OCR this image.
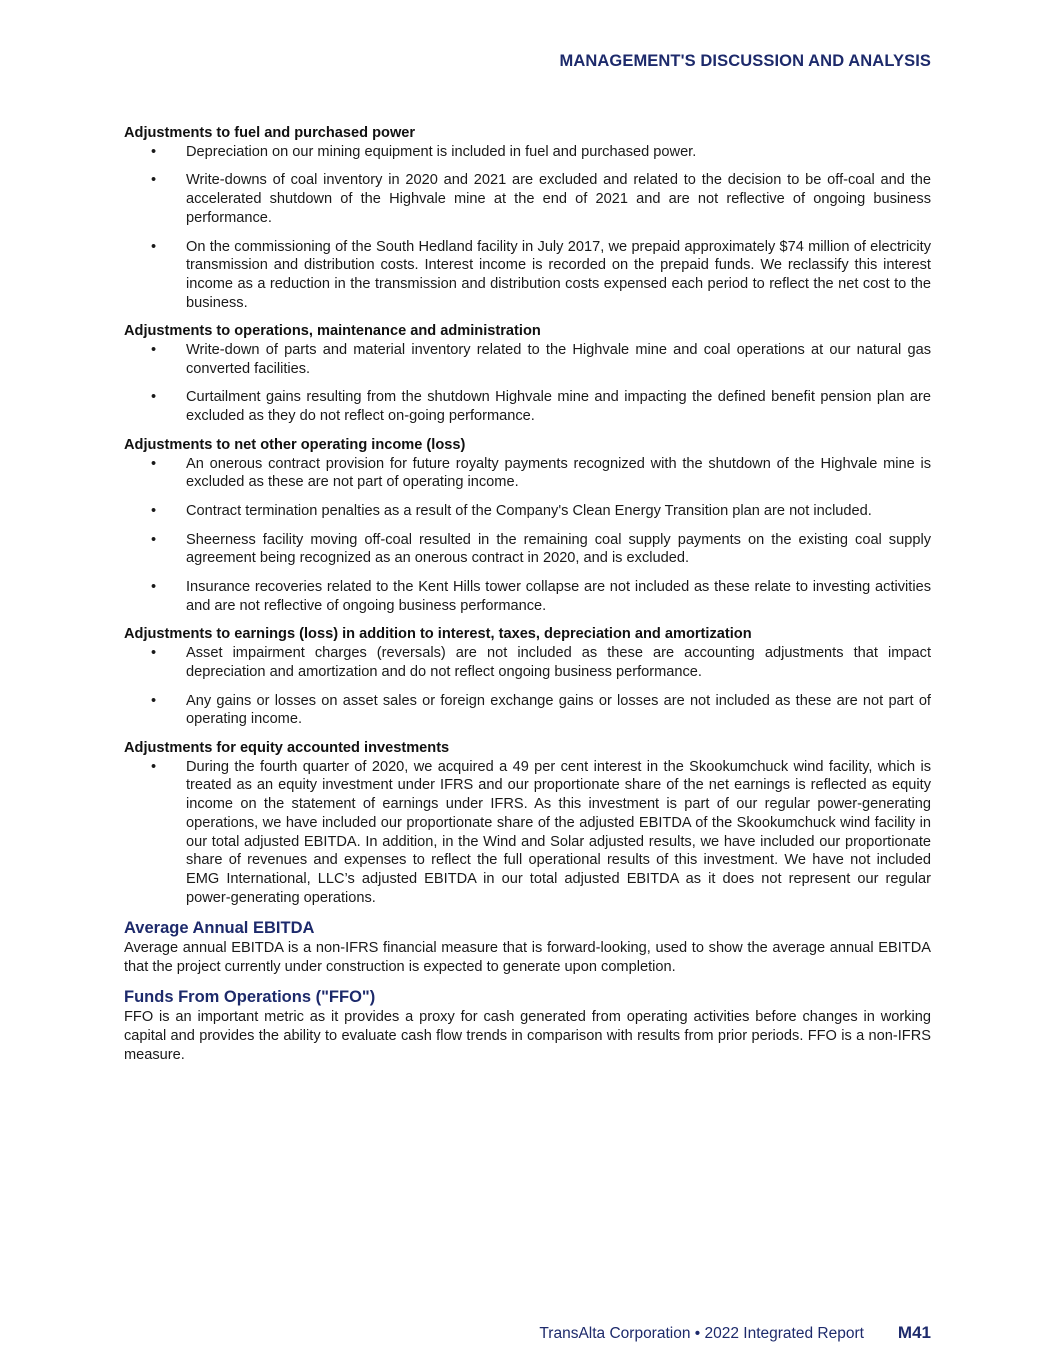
MANAGEMENT'S DISCUSSION AND ANALYSIS

Adjustments to fuel and purchased power

• Depreciation on our mining equipment is included in fuel and purchased power.
• Write-downs of coal inventory in 2020 and 2021 are excluded and related to the decision to be off-coal and the accelerated shutdown of the Highvale mine at the end of 2021 and are not reflective of ongoing business performance.
• On the commissioning of the South Hedland facility in July 2017, we prepaid approximately $74 million of electricity transmission and distribution costs. Interest income is recorded on the prepaid funds. We reclassify this interest income as a reduction in the transmission and distribution costs expensed each period to reflect the net cost to the business.

Adjustments to operations, maintenance and administration

• Write-down of parts and material inventory related to the Highvale mine and coal operations at our natural gas converted facilities.
• Curtailment gains resulting from the shutdown Highvale mine and impacting the defined benefit pension plan are excluded as they do not reflect on-going performance.

Adjustments to net other operating income (loss)

• An onerous contract provision for future royalty payments recognized with the shutdown of the Highvale mine is excluded as these are not part of operating income.
• Contract termination penalties as a result of the Company's Clean Energy Transition plan are not included.
• Sheerness facility moving off-coal resulted in the remaining coal supply payments on the existing coal supply agreement being recognized as an onerous contract in 2020, and is excluded.
• Insurance recoveries related to the Kent Hills tower collapse are not included as these relate to investing activities and are not reflective of ongoing business performance.

Adjustments to earnings (loss) in addition to interest, taxes, depreciation and amortization

• Asset impairment charges (reversals) are not included as these are accounting adjustments that impact depreciation and amortization and do not reflect ongoing business performance.
• Any gains or losses on asset sales or foreign exchange gains or losses are not included as these are not part of operating income.

Adjustments for equity accounted investments

• During the fourth quarter of 2020, we acquired a 49 per cent interest in the Skookumchuck wind facility, which is treated as an equity investment under IFRS and our proportionate share of the net earnings is reflected as equity income on the statement of earnings under IFRS. As this investment is part of our regular power-generating operations, we have included our proportionate share of the adjusted EBITDA of the Skookumchuck wind facility in our total adjusted EBITDA. In addition, in the Wind and Solar adjusted results, we have included our proportionate share of revenues and expenses to reflect the full operational results of this investment. We have not included EMG International, LLC’s adjusted EBITDA in our total adjusted EBITDA as it does not represent our regular power-generating operations.

Average Annual EBITDA

Average annual EBITDA is a non-IFRS financial measure that is forward-looking, used to show the average annual EBITDA that the project currently under construction is expected to generate upon completion.

Funds From Operations ("FFO")

FFO is an important metric as it provides a proxy for cash generated from operating activities before changes in working capital and provides the ability to evaluate cash flow trends in comparison with results from prior periods. FFO is a non-IFRS measure.

TransAlta Corporation • 2022 Integrated Report M41
